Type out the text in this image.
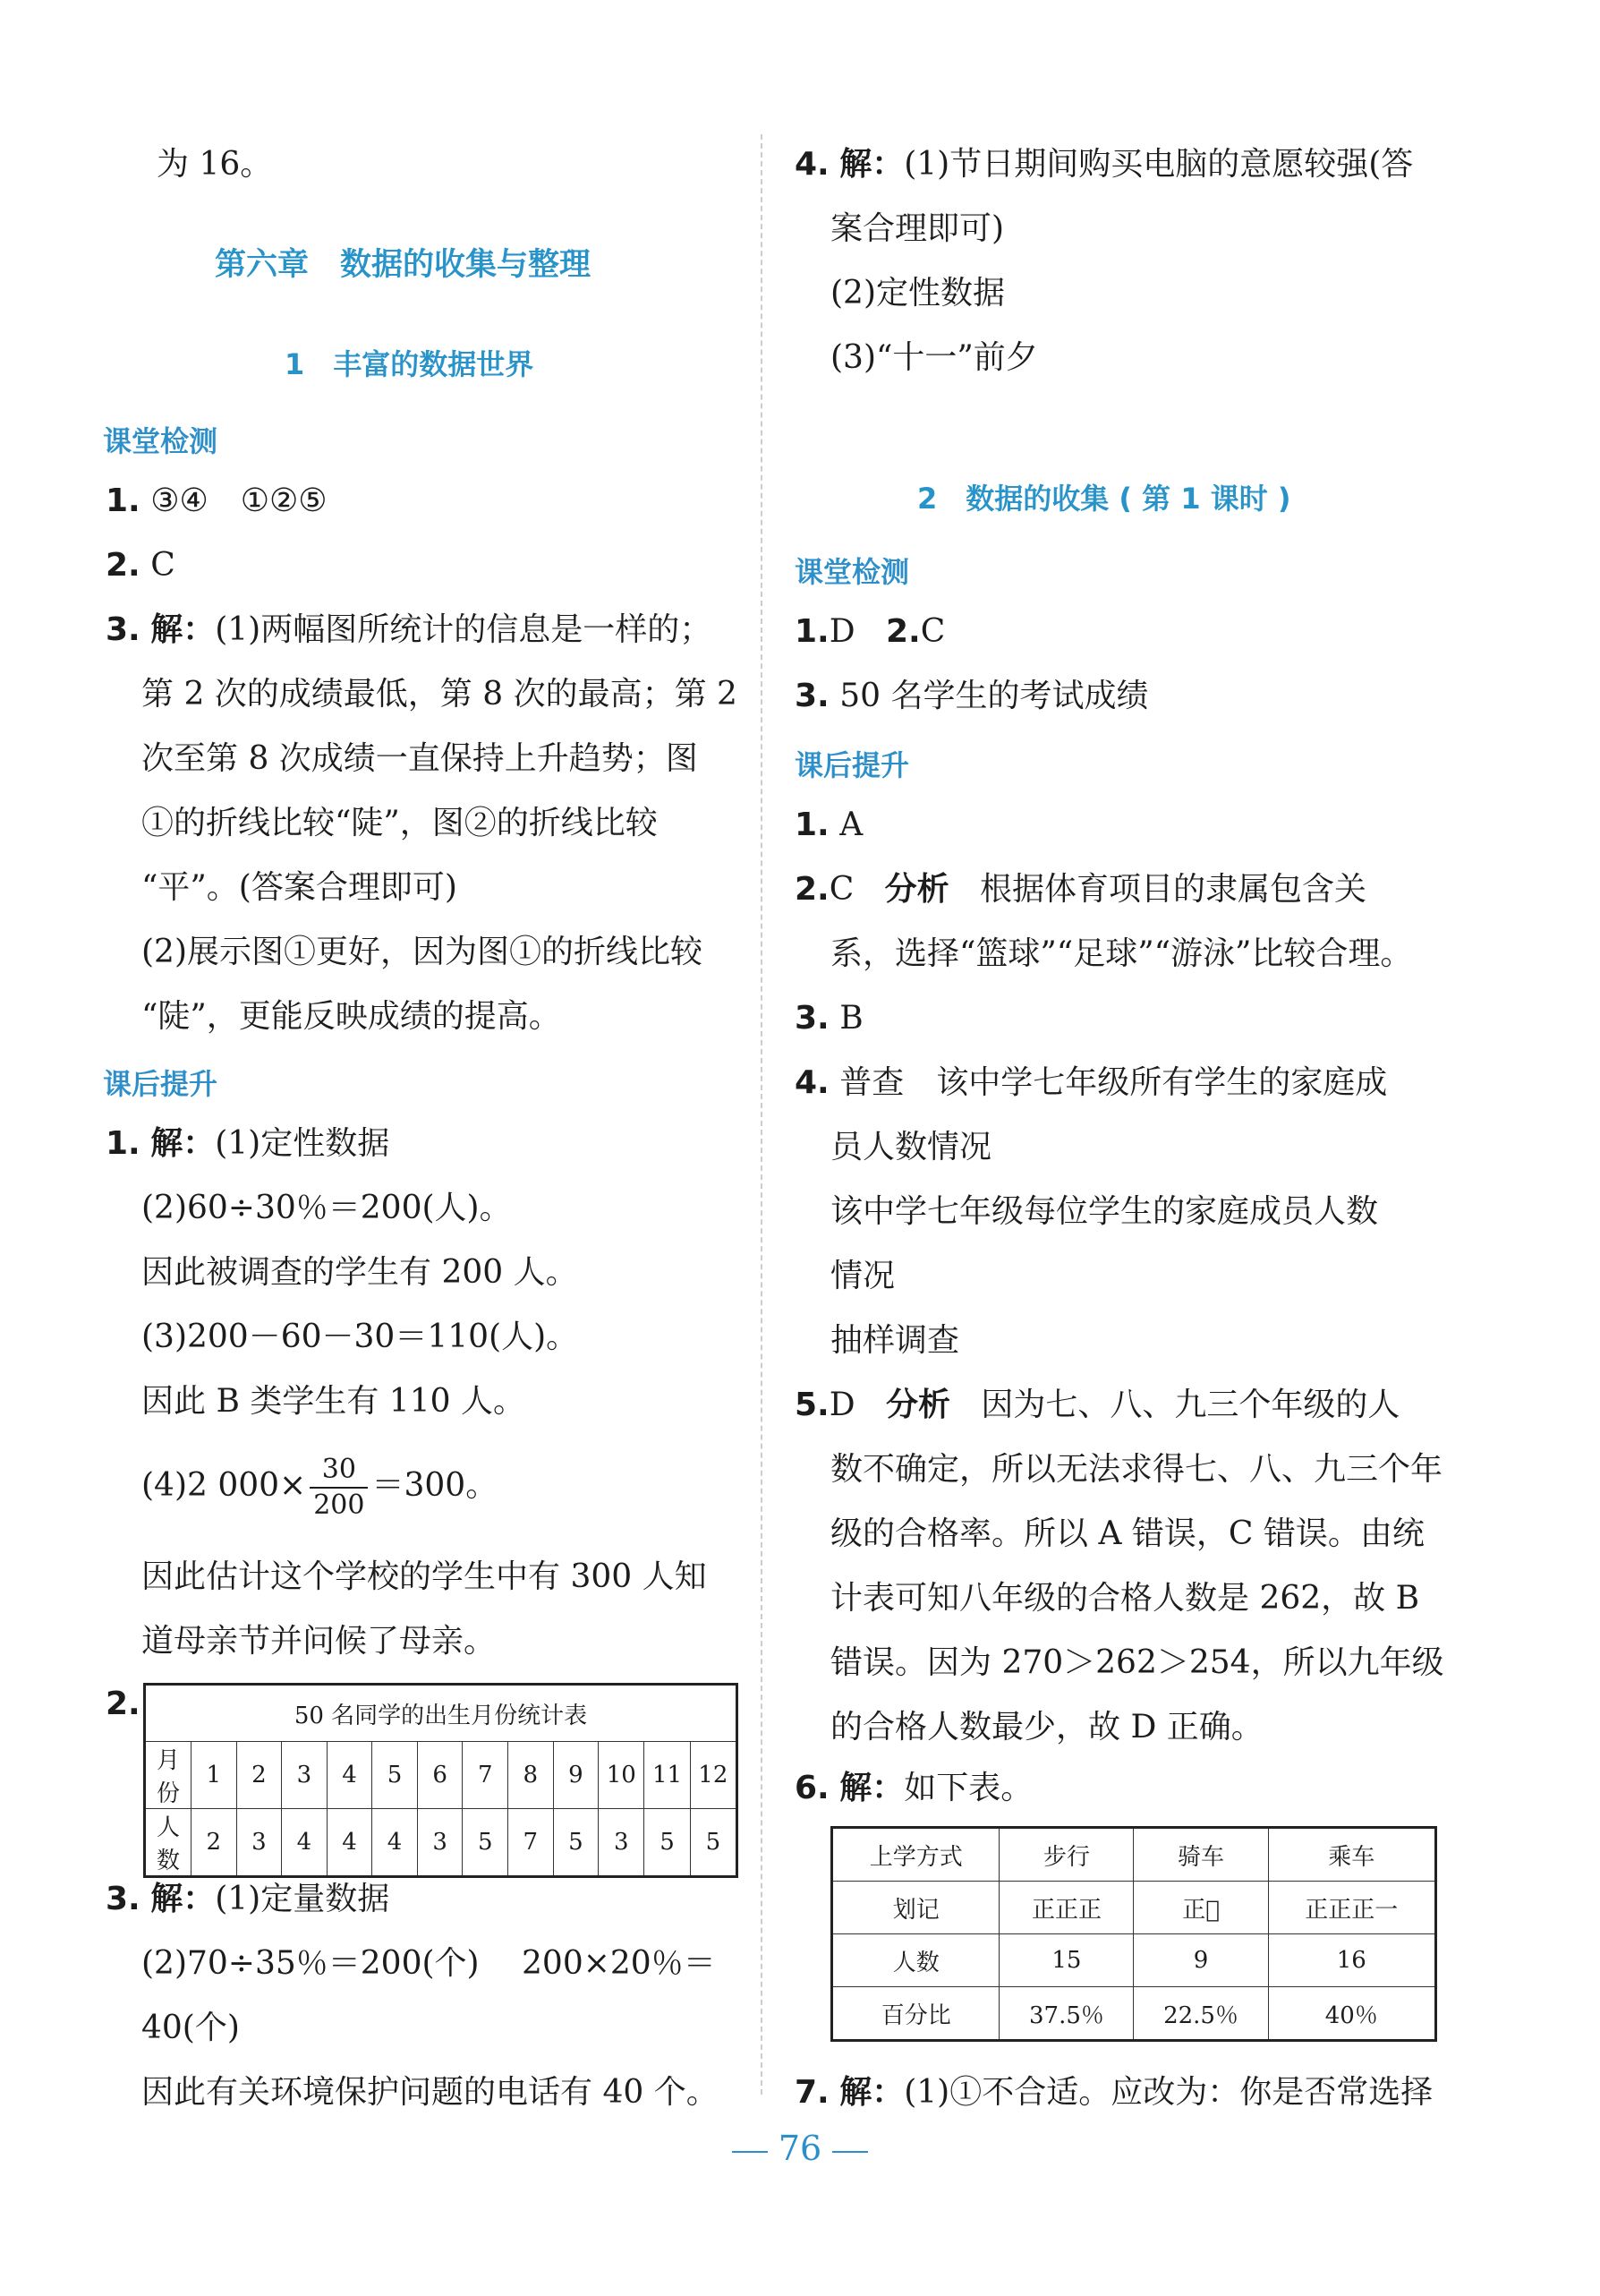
为 16。
第六章　数据的收集与整理
1　丰富的数据世界
课堂检测
1. ③④　①②⑤
2. C
3. 解：(1)两幅图所统计的信息是一样的；
第 2 次的成绩最低，第 8 次的最高；第 2
次至第 8 次成绩一直保持上升趋势；图
①的折线比较“陡”，图②的折线比较
“平”。(答案合理即可)
(2)展示图①更好，因为图①的折线比较
“陡”，更能反映成绩的提高。
课后提升
1. 解：(1)定性数据
(2)60÷30％＝200(人)。
因此被调查的学生有 200 人。
(3)200－60－30＝110(人)。
因此 B 类学生有 110 人。
(4)2 $000\times \frac{30}{200} =300$。
因此估计这个学校的学生中有 300 人知
道母亲节并问候了母亲。
2.	50 名同学的出生月份统计表												
月份	1	2	3	4	5	6	7	8	9	10	11	12
人数	2	3	4	4	4	3	5	7	5	3	5	5
3. 解：(1)定量数据
(2)70÷35％＝200(个)　 200×20％＝
40(个)
因此有关环境保护问题的电话有 40 个。
4. 解：(1)节日期间购买电脑的意愿较强(答
案合理即可)
(2)定性数据
(3)“十一”前夕
2　数据的收集 ( 第 1 课时 )
课堂检测
1.D 2.C
3. 50 名学生的考试成绩
课后提升
1. A
2.C 分析 根据体育项目的隶属包含关
系，选择“篮球”“足球”“游泳”比较合理。
3. B
4. 普查　该中学七年级所有学生的家庭成
员人数情况
该中学七年级每位学生的家庭成员人数
情况
抽样调查
5.D 分析 因为七、八、九三个年级的人
数不确定，所以无法求得七、八、九三个年
级的合格率。所以 A 错误，C 错误。由统
计表可知八年级的合格人数是 262，故 B
错误。因为 270＞262＞254，所以九年级
的合格人数最少，故 D 正确。
6. 解：如下表。
上学方式	步行	骑车	乘车
划记	正正正	正𠀆	正正正一
人数	15	9	16
百分比	37.5％	22.5％	40％
7. 解：(1)①不合适。应改为：你是否常选择
76
